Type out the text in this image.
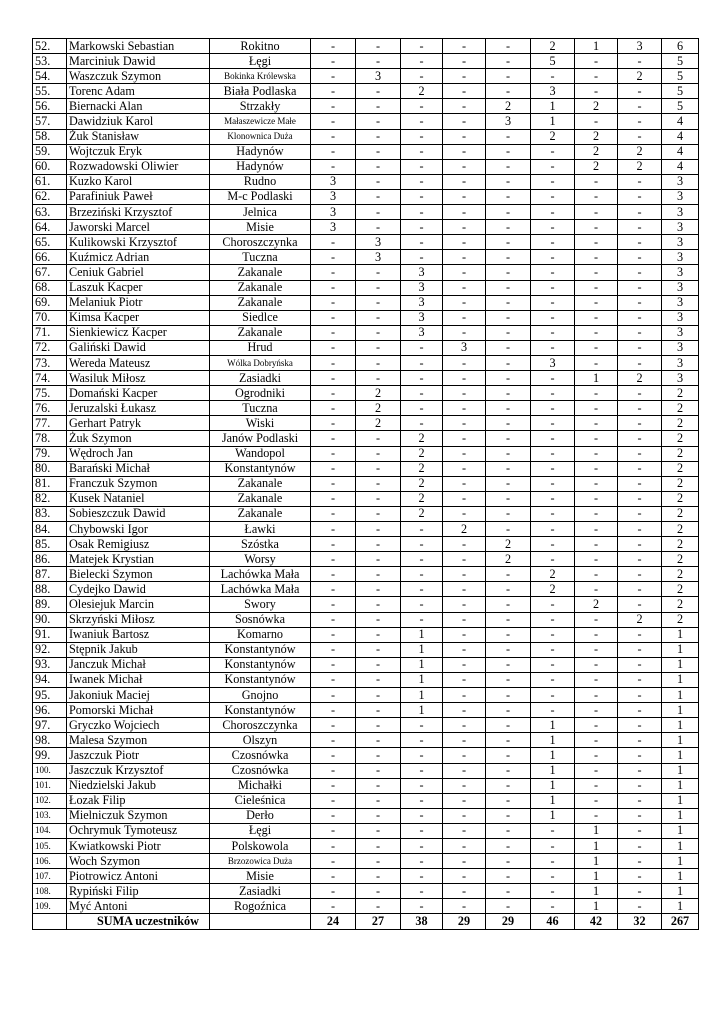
52.	Markowski Sebastian	Rokitno	-	-	-	-	-	2	1	3	6
53.	Marciniuk Dawid	Łęgi	-	-	-	-	-	5	-	-	5
54.	Waszczuk Szymon	Bokinka Królewska	-	3	-	-	-	-	-	2	5
55.	Torenc Adam	Biała Podlaska	-	-	2	-	-	3	-	-	5
56.	Biernacki Alan	Strzakły	-	-	-	-	2	1	2	-	5
57.	Dawidziuk Karol	Małaszewicze Małe	-	-	-	-	3	1	-	-	4
58.	Żuk Stanisław	Klonownica Duża	-	-	-	-	-	2	2	-	4
59.	Wojtczuk Eryk	Hadynów	-	-	-	-	-	-	2	2	4
60.	Rozwadowski Oliwier	Hadynów	-	-	-	-	-	-	2	2	4
61.	Kuzko Karol	Rudno	3	-	-	-	-	-	-	-	3
62.	Parafiniuk Paweł	M-c Podlaski	3	-	-	-	-	-	-	-	3
63.	Brzeziński Krzysztof	Jelnica	3	-	-	-	-	-	-	-	3
64.	Jaworski Marcel	Misie	3	-	-	-	-	-	-	-	3
65.	Kulikowski Krzysztof	Choroszczynka	-	3	-	-	-	-	-	-	3
66.	Kuźmicz Adrian	Tuczna	-	3	-	-	-	-	-	-	3
67.	Ceniuk Gabriel	Zakanale	-	-	3	-	-	-	-	-	3
68.	Laszuk Kacper	Zakanale	-	-	3	-	-	-	-	-	3
69.	Melaniuk Piotr	Zakanale	-	-	3	-	-	-	-	-	3
70.	Kimsa Kacper	Siedlce	-	-	3	-	-	-	-	-	3
71.	Sienkiewicz Kacper	Zakanale	-	-	3	-	-	-	-	-	3
72.	Galiński Dawid	Hrud	-	-	-	3	-	-	-	-	3
73.	Wereda Mateusz	Wólka Dobryńska	-	-	-	-	-	3	-	-	3
74.	Wasiluk Miłosz	Zasiadki	-	-	-	-	-	-	1	2	3
75.	Domański Kacper	Ogrodniki	-	2	-	-	-	-	-	-	2
76.	Jeruzalski Łukasz	Tuczna	-	2	-	-	-	-	-	-	2
77.	Gerhart Patryk	Wiski	-	2	-	-	-	-	-	-	2
78.	Żuk Szymon	Janów Podlaski	-	-	2	-	-	-	-	-	2
79.	Wędroch Jan	Wandopol	-	-	2	-	-	-	-	-	2
80.	Barański Michał	Konstantynów	-	-	2	-	-	-	-	-	2
81.	Franczuk Szymon	Zakanale	-	-	2	-	-	-	-	-	2
82.	Kusek Nataniel	Zakanale	-	-	2	-	-	-	-	-	2
83.	Sobieszczuk Dawid	Zakanale	-	-	2	-	-	-	-	-	2
84.	Chybowski Igor	Ławki	-	-	-	2	-	-	-	-	2
85.	Osak Remigiusz	Szóstka	-	-	-	-	2	-	-	-	2
86.	Matejek Krystian	Worsy	-	-	-	-	2	-	-	-	2
87.	Bielecki Szymon	Lachówka Mała	-	-	-	-	-	2	-	-	2
88.	Cydejko Dawid	Lachówka Mała	-	-	-	-	-	2	-	-	2
89.	Olesiejuk Marcin	Swory	-	-	-	-	-	-	2	-	2
90.	Skrzyński Miłosz	Sosnówka	-	-	-	-	-	-	-	2	2
91.	Iwaniuk Bartosz	Komarno	-	-	1	-	-	-	-	-	1
92.	Stępnik Jakub	Konstantynów	-	-	1	-	-	-	-	-	1
93.	Janczuk Michał	Konstantynów	-	-	1	-	-	-	-	-	1
94.	Iwanek Michał	Konstantynów	-	-	1	-	-	-	-	-	1
95.	Jakoniuk Maciej	Gnojno	-	-	1	-	-	-	-	-	1
96.	Pomorski Michał	Konstantynów	-	-	1	-	-	-	-	-	1
97.	Gryczko Wojciech	Choroszczynka	-	-	-	-	-	1	-	-	1
98.	Malesa Szymon	Olszyn	-	-	-	-	-	1	-	-	1
99.	Jaszczuk Piotr	Czosnówka	-	-	-	-	-	1	-	-	1
100.	Jaszczuk Krzysztof	Czosnówka	-	-	-	-	-	1	-	-	1
101.	Niedzielski Jakub	Michałki	-	-	-	-	-	1	-	-	1
102.	Łozak Filip	Cieleśnica	-	-	-	-	-	1	-	-	1
103.	Mielniczuk Szymon	Derło	-	-	-	-	-	1	-	-	1
104.	Ochrymuk Tymoteusz	Łęgi	-	-	-	-	-	-	1	-	1
105.	Kwiatkowski Piotr	Polskowola	-	-	-	-	-	-	1	-	1
106.	Woch Szymon	Brzozowica Duża	-	-	-	-	-	-	1	-	1
107.	Piotrowicz Antoni	Misie	-	-	-	-	-	-	1	-	1
108.	Rypiński Filip	Zasiadki	-	-	-	-	-	-	1	-	1
109.	Myć Antoni	Rogoźnica	-	-	-	-	-	-	1	-	1
	SUMA uczestników		24	27	38	29	29	46	42	32	267
